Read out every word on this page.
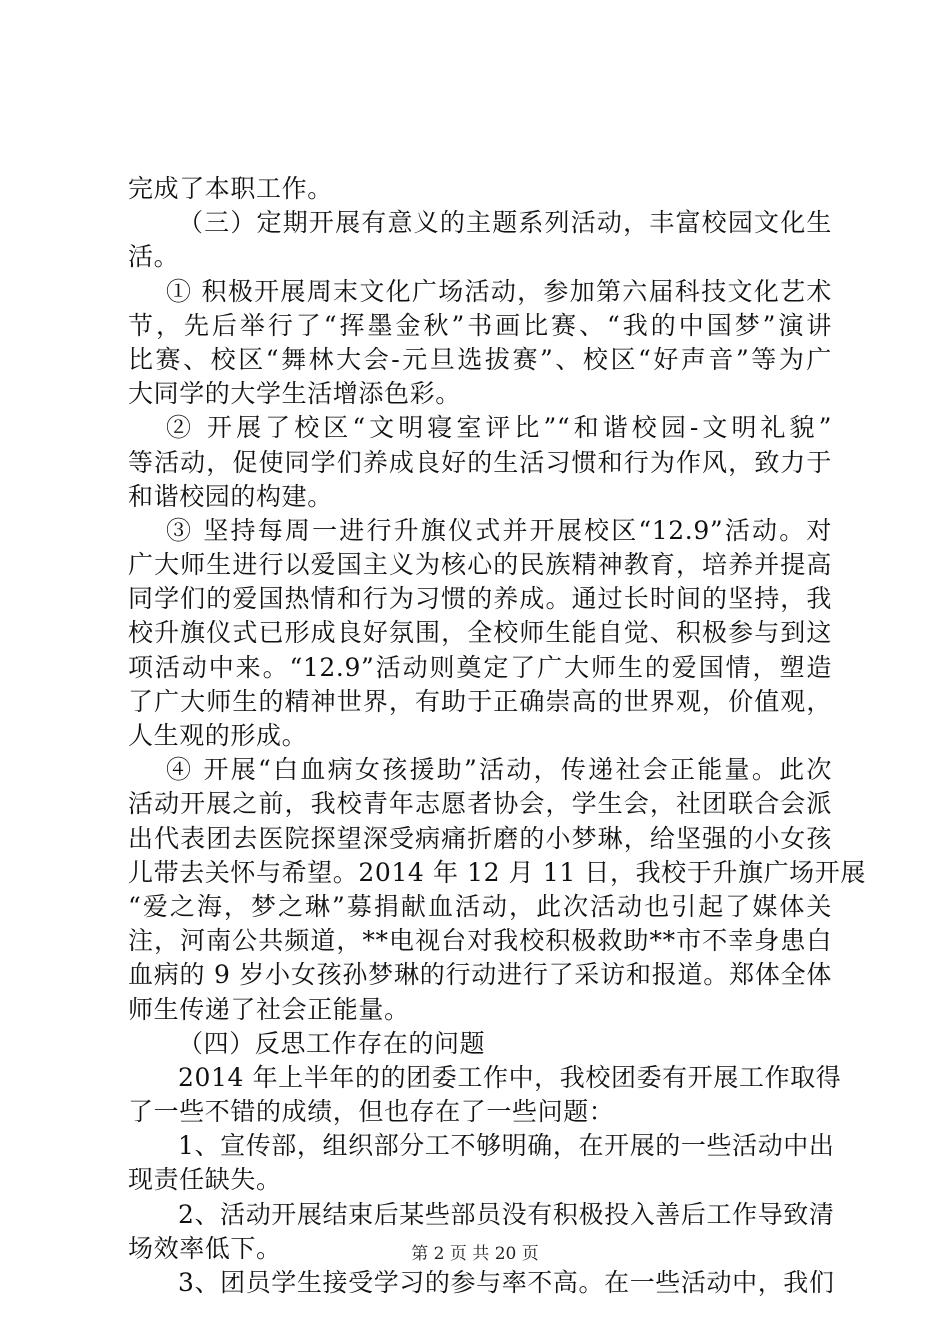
完成了本职工作。
（三）定期开展有意义的主题系列活动，丰富校园文化生
活。
① 积极开展周末文化广场活动，参加第六届科技文化艺术
节，先后举行了“挥墨金秋”书画比赛、“我的中国梦”演讲
比赛、校区“舞林大会-元旦选拔赛”、校区“好声音”等为广
大同学的大学生活增添色彩。
② 开展了校区“文明寝室评比”“和谐校园-文明礼貌”
等活动，促使同学们养成良好的生活习惯和行为作风，致力于
和谐校园的构建。
③ 坚持每周一进行升旗仪式并开展校区“12.9”活动。对
广大师生进行以爱国主义为核心的民族精神教育，培养并提高
同学们的爱国热情和行为习惯的养成。通过长时间的坚持，我
校升旗仪式已形成良好氛围，全校师生能自觉、积极参与到这
项活动中来。“12.9”活动则奠定了广大师生的爱国情，塑造
了广大师生的精神世界，有助于正确崇高的世界观，价值观，
人生观的形成。
④ 开展“白血病女孩援助”活动，传递社会正能量。此次
活动开展之前，我校青年志愿者协会，学生会，社团联合会派
出代表团去医院探望深受病痛折磨的小梦琳，给坚强的小女孩
儿带去关怀与希望。2014 年 12 月 11 日，我校于升旗广场开展
“爱之海，梦之琳”募捐献血活动，此次活动也引起了媒体关
注，河南公共频道，**电视台对我校积极救助**市不幸身患白
血病的 9 岁小女孩孙梦琳的行动进行了采访和报道。郑体全体
师生传递了社会正能量。
（四）反思工作存在的问题
2014 年上半年的的团委工作中，我校团委有开展工作取得
了一些不错的成绩，但也存在了一些问题：
1、宣传部，组织部分工不够明确，在开展的一些活动中出
现责任缺失。
2、活动开展结束后某些部员没有积极投入善后工作导致清
场效率低下。
3、团员学生接受学习的参与率不高。在一些活动中，我们
第 2 页 共 20 页
